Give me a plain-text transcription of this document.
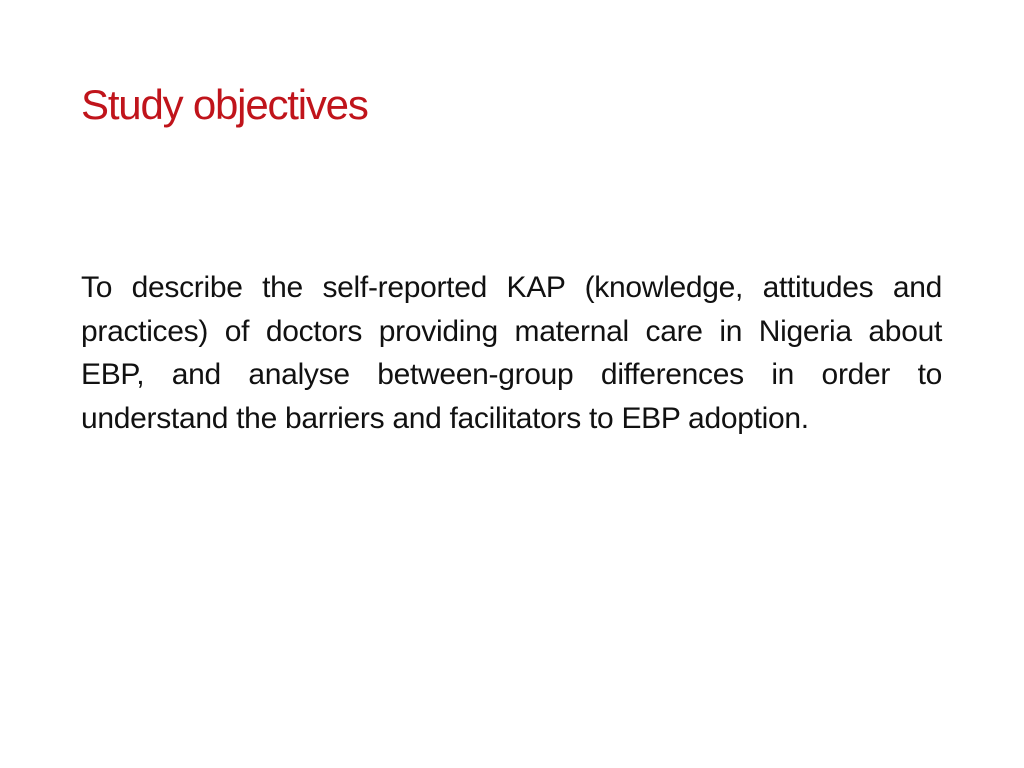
Study objectives

To describe the self-reported KAP (knowledge, attitudes and practices) of doctors providing maternal care in Nigeria about EBP, and analyse between-group differences in order to understand the barriers and facilitators to EBP adoption.
